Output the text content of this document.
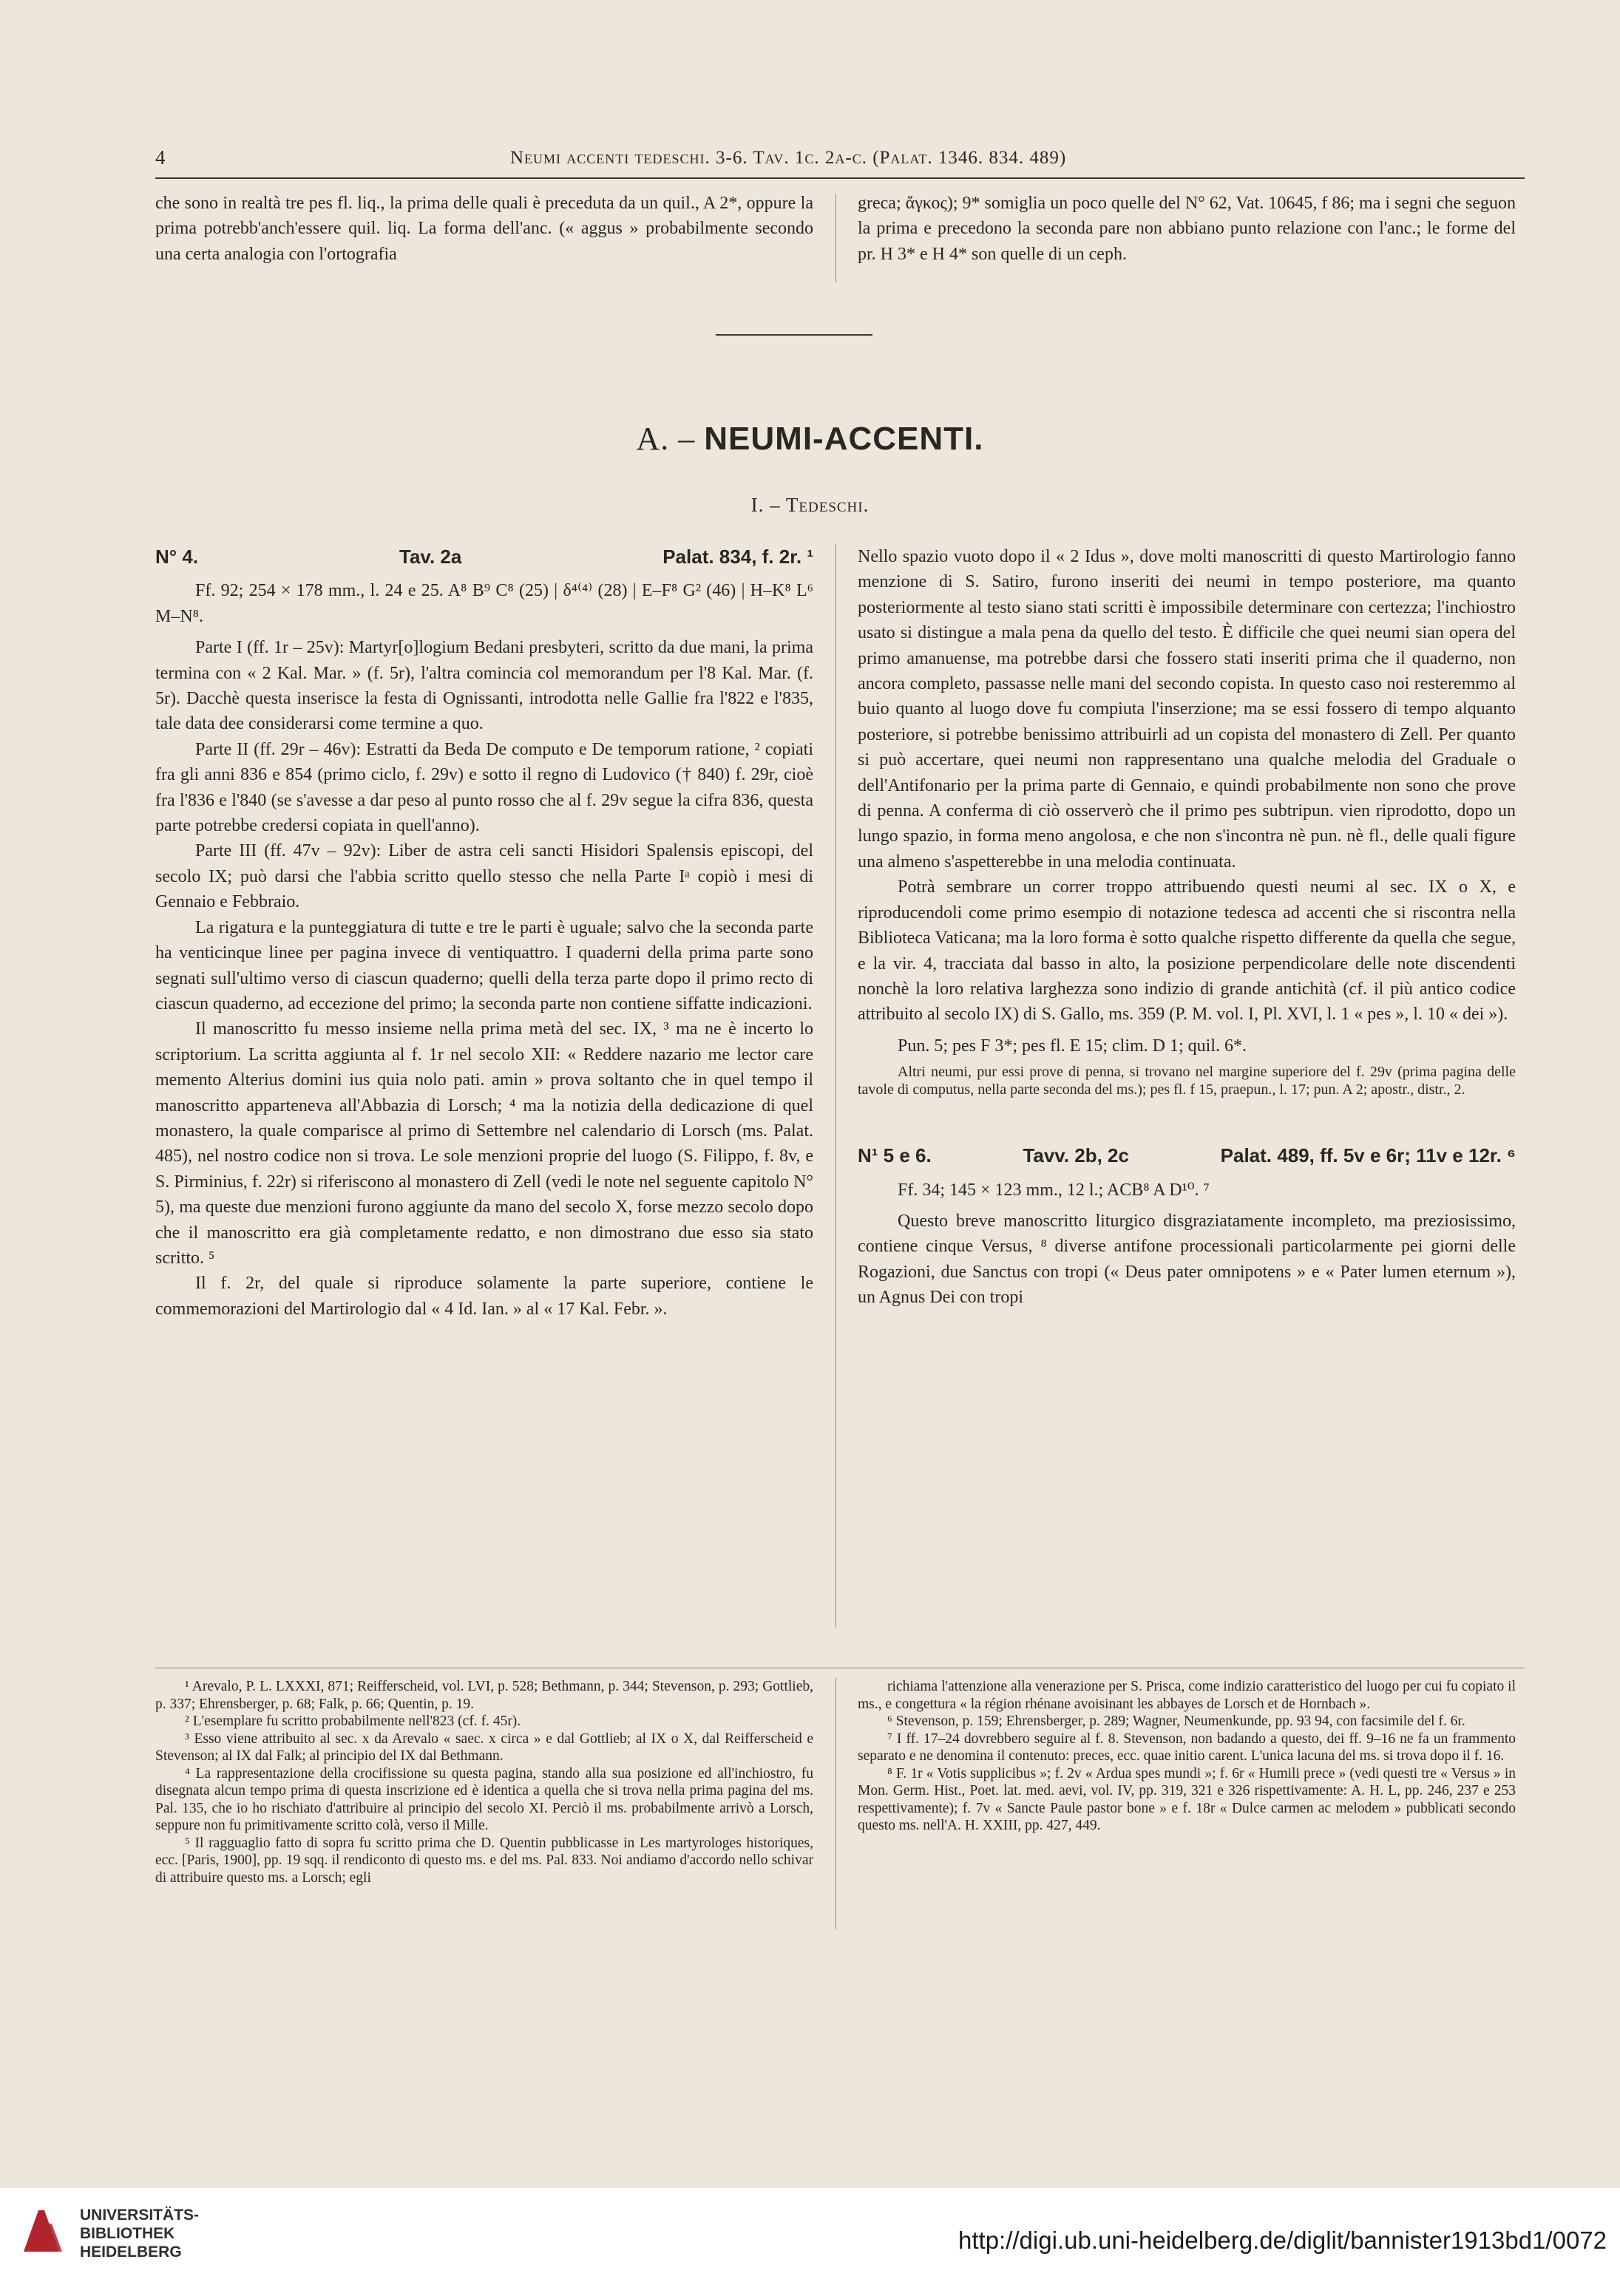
4	Neumi accenti tedeschi. 3-6. Tav. 1c. 2a-c. (Palat. 1346. 834. 489)

che sono in realtà tre pes fl. liq., la prima delle quali è preceduta da un quil., A 2*, oppure la prima potrebb'anch'essere quil. liq. La forma dell'anc. (« aggus » probabilmente secondo una certa analogia con l'ortografia

greca; ἄγκος); 9* somiglia un poco quelle del N° 62, Vat. 10645, f 86; ma i segni che seguon la prima e precedono la seconda pare non abbiano punto relazione con l'anc.; le forme del pr. H 3* e H 4* son quelle di un ceph.

A. – NEUMI-ACCENTI.
I. – Tedeschi.
N° 4.	Tav. 2a	Palat. 834, f. 2r. ¹

Ff. 92; 254 × 178 mm., l. 24 e 25. A⁸ B⁹ C⁸ (25) | δ⁴⁽⁴⁾ (28) | E–F⁸ G² (46) | H–K⁸ L⁶ M–N⁸.

Parte I (ff. 1r – 25v): Martyr[o]logium Bedani presbyteri, scritto da due mani, la prima termina con « 2 Kal. Mar. » (f. 5r), l'altra comincia col memorandum per l'8 Kal. Mar. (f. 5r). Dacchè questa inserisce la festa di Ognissanti, introdotta nelle Gallie fra l'822 e l'835, tale data dee considerarsi come termine a quo.

Parte II (ff. 29r – 46v): Estratti da Beda De computo e De temporum ratione, ² copiati fra gli anni 836 e 854 (primo ciclo, f. 29v) e sotto il regno di Ludovico († 840) f. 29r, cioè fra l'836 e l'840 (se s'avesse a dar peso al punto rosso che al f. 29v segue la cifra 836, questa parte potrebbe credersi copiata in quell'anno).

Parte III (ff. 47v – 92v): Liber de astra celi sancti Hisidori Spalensis episcopi, del secolo IX; può darsi che l'abbia scritto quello stesso che nella Parte Iᵃ copiò i mesi di Gennaio e Febbraio.

La rigatura e la punteggiatura di tutte e tre le parti è uguale; salvo che la seconda parte ha venticinque linee per pagina invece di ventiquattro. I quaderni della prima parte sono segnati sull'ultimo verso di ciascun quaderno; quelli della terza parte dopo il primo recto di ciascun quaderno, ad eccezione del primo; la seconda parte non contiene siffatte indicazioni.

Il manoscritto fu messo insieme nella prima metà del sec. IX, ³ ma ne è incerto lo scriptorium. La scritta aggiunta al f. 1r nel secolo XII: « Reddere nazario me lector care memento Alterius domini ius quia nolo pati. amin » prova soltanto che in quel tempo il manoscritto apparteneva all'Abbazia di Lorsch; ⁴ ma la notizia della dedicazione di quel monastero, la quale comparisce al primo di Settembre nel calendario di Lorsch (ms. Palat. 485), nel nostro codice non si trova. Le sole menzioni proprie del luogo (S. Filippo, f. 8v, e S. Pirminius, f. 22r) si riferiscono al monastero di Zell (vedi le note nel seguente capitolo N° 5), ma queste due menzioni furono aggiunte da mano del secolo X, forse mezzo secolo dopo che il manoscritto era già completamente redatto, e non dimostrano due esso sia stato scritto. ⁵

Il f. 2r, del quale si riproduce solamente la parte superiore, contiene le commemorazioni del Martirologio dal « 4 Id. Ian. » al « 17 Kal. Febr. ».

Nello spazio vuoto dopo il « 2 Idus », dove molti manoscritti di questo Martirologio fanno menzione di S. Satiro, furono inseriti dei neumi in tempo posteriore, ma quanto posteriormente al testo siano stati scritti è impossibile determinare con certezza; l'inchiostro usato si distingue a mala pena da quello del testo. È difficile che quei neumi sian opera del primo amanuense, ma potrebbe darsi che fossero stati inseriti prima che il quaderno, non ancora completo, passasse nelle mani del secondo copista. In questo caso noi resteremmo al buio quanto al luogo dove fu compiuta l'inserzione; ma se essi fossero di tempo alquanto posteriore, si potrebbe benissimo attribuirli ad un copista del monastero di Zell. Per quanto si può accertare, quei neumi non rappresentano una qualche melodia del Graduale o dell'Antifonario per la prima parte di Gennaio, e quindi probabilmente non sono che prove di penna. A conferma di ciò osserverò che il primo pes subtripun. vien riprodotto, dopo un lungo spazio, in forma meno angolosa, e che non s'incontra nè pun. nè fl., delle quali figure una almeno s'aspetterebbe in una melodia continuata.

Potrà sembrare un correr troppo attribuendo questi neumi al sec. IX o X, e riproducendoli come primo esempio di notazione tedesca ad accenti che si riscontra nella Biblioteca Vaticana; ma la loro forma è sotto qualche rispetto differente da quella che segue, e la vir. 4, tracciata dal basso in alto, la posizione perpendicolare delle note discendenti nonchè la loro relativa larghezza sono indizio di grande antichità (cf. il più antico codice attribuito al secolo IX) di S. Gallo, ms. 359 (P. M. vol. I, Pl. XVI, l. 1 « pes », l. 10 « dei »).

Pun. 5; pes F 3*; pes fl. E 15; clim. D 1; quil. 6*.

Altri neumi, pur essi prove di penna, si trovano nel margine superiore del f. 29v (prima pagina delle tavole di computus, nella parte seconda del ms.); pes fl. f 15, praepun., l. 17; pun. A 2; apostr., distr., 2.

N¹ 5 e 6.	Tavv. 2b, 2c	Palat. 489, ff. 5v e 6r; 11v e 12r. ⁶

Ff. 34; 145 × 123 mm., 12 l.; ACB⁸ A D¹⁰. ⁷

Questo breve manoscritto liturgico disgraziatamente incompleto, ma preziosissimo, contiene cinque Versus, ⁸ diverse antifone processionali particolarmente pei giorni delle Rogazioni, due Sanctus con tropi (« Deus pater omnipotens » e « Pater lumen eternum »), un Agnus Dei con tropi

¹ Arevalo, P. L. LXXXI, 871; Reifferscheid, vol. LVI, p. 528; Bethmann, p. 344; Stevenson, p. 293; Gottlieb, p. 337; Ehrensberger, p. 68; Falk, p. 66; Quentin, p. 19.

² L'esemplare fu scritto probabilmente nell'823 (cf. f. 45r).

³ Esso viene attribuito al sec. x da Arevalo « saec. x circa » e dal Gottlieb; al IX o X, dal Reifferscheid e Stevenson; al IX dal Falk; al principio del IX dal Bethmann.

⁴ La rappresentazione della crocifissione su questa pagina, stando alla sua posizione ed all'inchiostro, fu disegnata alcun tempo prima di questa inscrizione ed è identica a quella che si trova nella prima pagina del ms. Pal. 135, che io ho rischiato d'attribuire al principio del secolo XI. Perciò il ms. probabilmente arrivò a Lorsch, seppure non fu primitivamente scritto colà, verso il Mille.

⁵ Il ragguaglio fatto di sopra fu scritto prima che D. Quentin pubblicasse in Les martyrologes historiques, ecc. [Paris, 1900], pp. 19 sqq. il rendiconto di questo ms. e del ms. Pal. 833. Noi andiamo d'accordo nello schivar di attribuire questo ms. a Lorsch; egli

richiama l'attenzione alla venerazione per S. Prisca, come indizio caratteristico del luogo per cui fu copiato il ms., e congettura « la région rhénane avoisinant les abbayes de Lorsch et de Hornbach ».

⁶ Stevenson, p. 159; Ehrensberger, p. 289; Wagner, Neumenkunde, pp. 93 94, con facsimile del f. 6r.

⁷ I ff. 17–24 dovrebbero seguire al f. 8. Stevenson, non badando a questo, dei ff. 9–16 ne fa un frammento separato e ne denomina il contenuto: preces, ecc. quae initio carent. L'unica lacuna del ms. si trova dopo il f. 16.

⁸ F. 1r « Votis supplicibus »; f. 2v « Ardua spes mundi »; f. 6r « Humili prece » (vedi questi tre « Versus » in Mon. Germ. Hist., Poet. lat. med. aevi, vol. IV, pp. 319, 321 e 326 rispettivamente: A. H. L, pp. 246, 237 e 253 respettivamente); f. 7v « Sancte Paule pastor bone » e f. 18r « Dulce carmen ac melodem » pubblicati secondo questo ms. nell'A. H. XXIII, pp. 427, 449.

UNIVERSITÄTS-
BIBLIOTHEK
HEIDELBERG	http://digi.ub.uni-heidelberg.de/diglit/bannister1913bd1/0072
